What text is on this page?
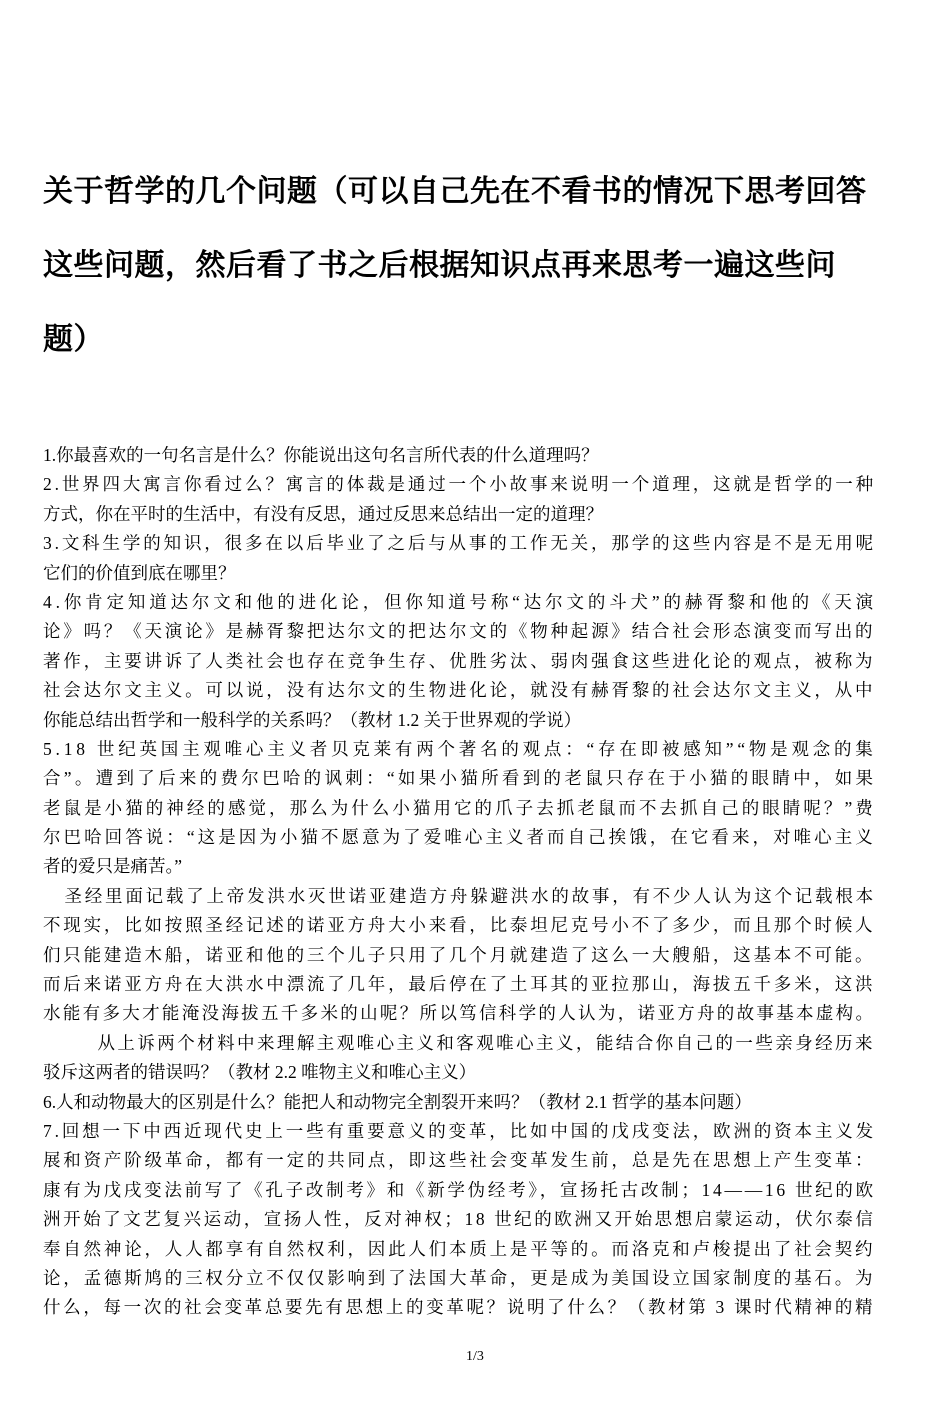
关于哲学的几个问题（可以自己先在不看书的情况下思考回答
这些问题，然后看了书之后根据知识点再来思考一遍这些问
题）
1.你最喜欢的一句名言是什么？你能说出这句名言所代表的什么道理吗？
2.世界四大寓言你看过么？寓言的体裁是通过一个小故事来说明一个道理，这就是哲学的一种
方式，你在平时的生活中，有没有反思，通过反思来总结出一定的道理？
3.文科生学的知识，很多在以后毕业了之后与从事的工作无关，那学的这些内容是不是无用呢
它们的价值到底在哪里？
4.你肯定知道达尔文和他的进化论，但你知道号称“达尔文的斗犬”的赫胥黎和他的《天演
论》吗？《天演论》是赫胥黎把达尔文的把达尔文的《物种起源》结合社会形态演变而写出的
著作，主要讲诉了人类社会也存在竞争生存、优胜劣汰、弱肉强食这些进化论的观点，被称为
社会达尔文主义。可以说，没有达尔文的生物进化论，就没有赫胥黎的社会达尔文主义，从中
你能总结出哲学和一般科学的关系吗？（教材 1.2 关于世界观的学说）
5.18 世纪英国主观唯心主义者贝克莱有两个著名的观点：“存在即被感知”“物是观念的集
合”。遭到了后来的费尔巴哈的讽刺：“如果小猫所看到的老鼠只存在于小猫的眼睛中，如果
老鼠是小猫的神经的感觉，那么为什么小猫用它的爪子去抓老鼠而不去抓自己的眼睛呢？”费
尔巴哈回答说：“这是因为小猫不愿意为了爱唯心主义者而自己挨饿，在它看来，对唯心主义
者的爱只是痛苦。”
圣经里面记载了上帝发洪水灭世诺亚建造方舟躲避洪水的故事，有不少人认为这个记载根本
不现实，比如按照圣经记述的诺亚方舟大小来看，比泰坦尼克号小不了多少，而且那个时候人
们只能建造木船，诺亚和他的三个儿子只用了几个月就建造了这么一大艘船，这基本不可能。
而后来诺亚方舟在大洪水中漂流了几年，最后停在了土耳其的亚拉那山，海拔五千多米，这洪
水能有多大才能淹没海拔五千多米的山呢？所以笃信科学的人认为，诺亚方舟的故事基本虚构。
从上诉两个材料中来理解主观唯心主义和客观唯心主义，能结合你自己的一些亲身经历来
驳斥这两者的错误吗？（教材 2.2 唯物主义和唯心主义）
6.人和动物最大的区别是什么？能把人和动物完全割裂开来吗？（教材 2.1 哲学的基本问题）
7.回想一下中西近现代史上一些有重要意义的变革，比如中国的戊戌变法，欧洲的资本主义发
展和资产阶级革命，都有一定的共同点，即这些社会变革发生前，总是先在思想上产生变革：
康有为戊戌变法前写了《孔子改制考》和《新学伪经考》，宣扬托古改制；14——16 世纪的欧
洲开始了文艺复兴运动，宣扬人性，反对神权；18 世纪的欧洲又开始思想启蒙运动，伏尔泰信
奉自然神论，人人都享有自然权利，因此人们本质上是平等的。而洛克和卢梭提出了社会契约
论，孟德斯鸠的三权分立不仅仅影响到了法国大革命，更是成为美国设立国家制度的基石。为
什么，每一次的社会变革总要先有思想上的变革呢？说明了什么？（教材第 3 课时代精神的精
1/3
